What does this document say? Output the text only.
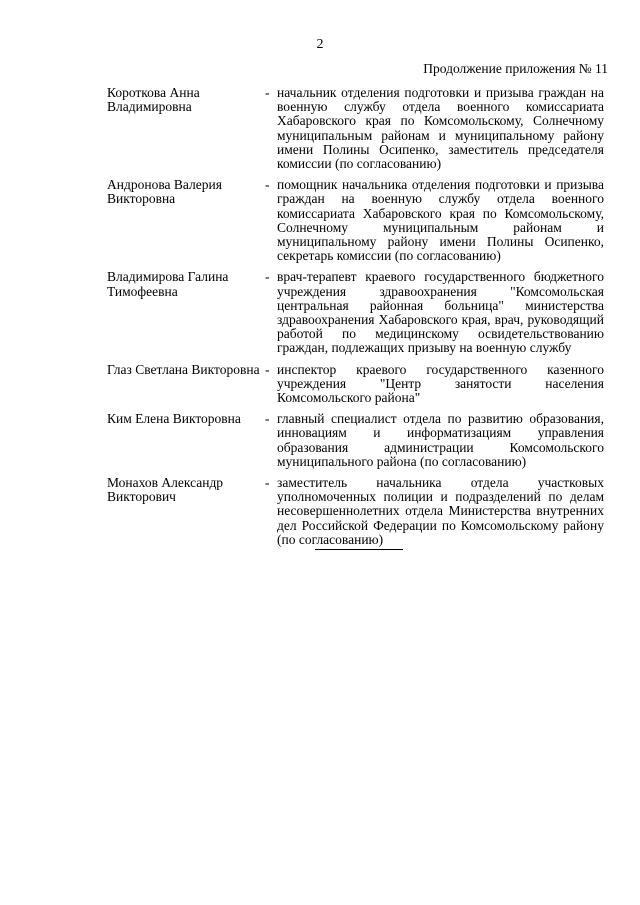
2
Продолжение приложения № 11
Короткова Анна Владимировна
- начальник отделения подготовки и призыва граждан на военную службу отдела военного комиссариата Хабаровского края по Комсомольскому, Солнечному муниципальным районам и муниципальному району имени Полины Осипенко, заместитель председателя комиссии (по согласованию)
Андронова Валерия Викторовна
- помощник начальника отделения подготовки и призыва граждан на военную службу отдела военного комиссариата Хабаровского края по Комсомольскому, Солнечному муниципальным районам и муниципальному району имени Полины Осипенко, секретарь комиссии (по согласованию)
Владимирова Галина Тимофеевна
- врач-терапевт краевого государственного бюджетного учреждения здравоохранения "Комсомольская центральная районная больница" министерства здравоохранения Хабаровского края, врач, руководящий работой по медицинскому освидетельствованию граждан, подлежащих призыву на военную службу
Глаз Светлана Викторовна - инспектор краевого государственного казенного учреждения "Центр занятости населения Комсомольского района"
Ким Елена Викторовна	- главный специалист отдела по развитию образования, инновациям и информатизациям управления образования администрации Комсомольского муниципального района (по согласованию)
Монахов Александр Викторович
- заместитель начальника отдела участковых уполномоченных полиции и подразделений по делам несовершеннолетних отдела Министерства внутренних дел Российской Федерации по Комсомольскому району (по согласованию)
